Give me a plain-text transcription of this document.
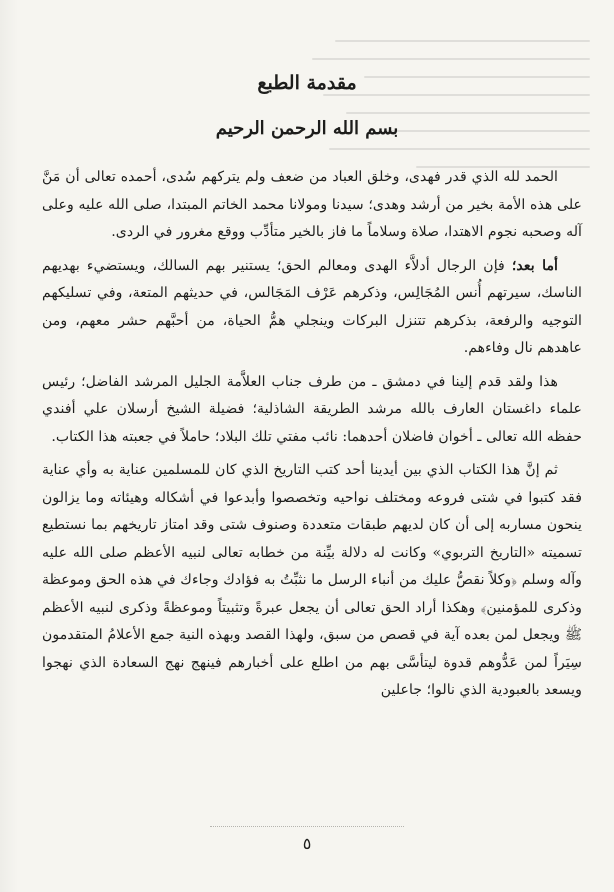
مقدمة الطبع
بسم الله الرحمن الرحيم

الحمد لله الذي قدر فهدى، وخلق العباد من ضعف ولم يتركهم سُدى، أحمده تعالى أن مَنَّ على هذه الأمة بخير من أرشد وهدى؛ سيدنا ومولانا محمد الخاتم المبتدا، صلى الله عليه وعلى آله وصحبه نجوم الاهتدا، صلاة وسلاماً ما فاز بالخير متأدِّب ووقع مغرور في الردى.

أما بعد؛ فإن الرجال أدلاَّء الهدى ومعالم الحق؛ يستنير بهم السالك، ويستضيء بهديهم الناسك، سيرتهم أُنس المُجَالِس، وذكرهم عَرْف المَجَالس، في حديثهم المتعة، وفي تسليكهم التوجيه والرفعة، بذكرهم تتنزل البركات وينجلي همُّ الحياة، من أحبَّهم حشر معهم، ومن عاهدهم نال وفاءهم.

هذا ولقد قدم إلينا في دمشق ـ من طرف جناب العلاَّمة الجليل المرشد الفاضل؛ رئيس علماء داغستان العارف بالله مرشد الطريقة الشاذلية؛ فضيلة الشيخ أرسلان علي أفندي حفظه الله تعالى ـ أخوان فاضلان أحدهما: نائب مفتي تلك البلاد؛ حاملاً في جعبته هذا الكتاب.

ثم إنَّ هذا الكتاب الذي بين أيدينا أحد كتب التاريخ الذي كان للمسلمين عناية به وأي عناية فقد كتبوا في شتى فروعه ومختلف نواحيه وتخصصوا وأبدعوا في أشكاله وهيئاته وما يزالون ينحون مساربه إلى أن كان لديهم طبقات متعددة وصنوف شتى وقد امتاز تاريخهم بما نستطيع تسميته «التاريخ التربوي» وكانت له دلالة بيِّنة من خطابه تعالى لنبيه الأعظم صلى الله عليه وآله وسلم ﴿وكلاً نقصُّ عليك من أنباء الرسل ما نثبِّتُ به فؤادك وجاءك في هذه الحق وموعظة وذكرى للمؤمنين﴾ وهكذا أراد الحق تعالى أن يجعل عبرةً وتثبيتاً وموعظةً وذكرى لنبيه الأعظم ﷺ ويجعل لمن بعده آية في قصص من سبق، ولهذا القصد وبهذه النية جمع الأعلامُ المتقدمون سِيَراً لمن عَدُّوهم قدوة ليتأسَّى بهم من اطلع على أخبارهم فينهج نهج السعادة الذي نهجوا ويسعد بالعبودية الذي نالوا؛ جاعلين

٥
